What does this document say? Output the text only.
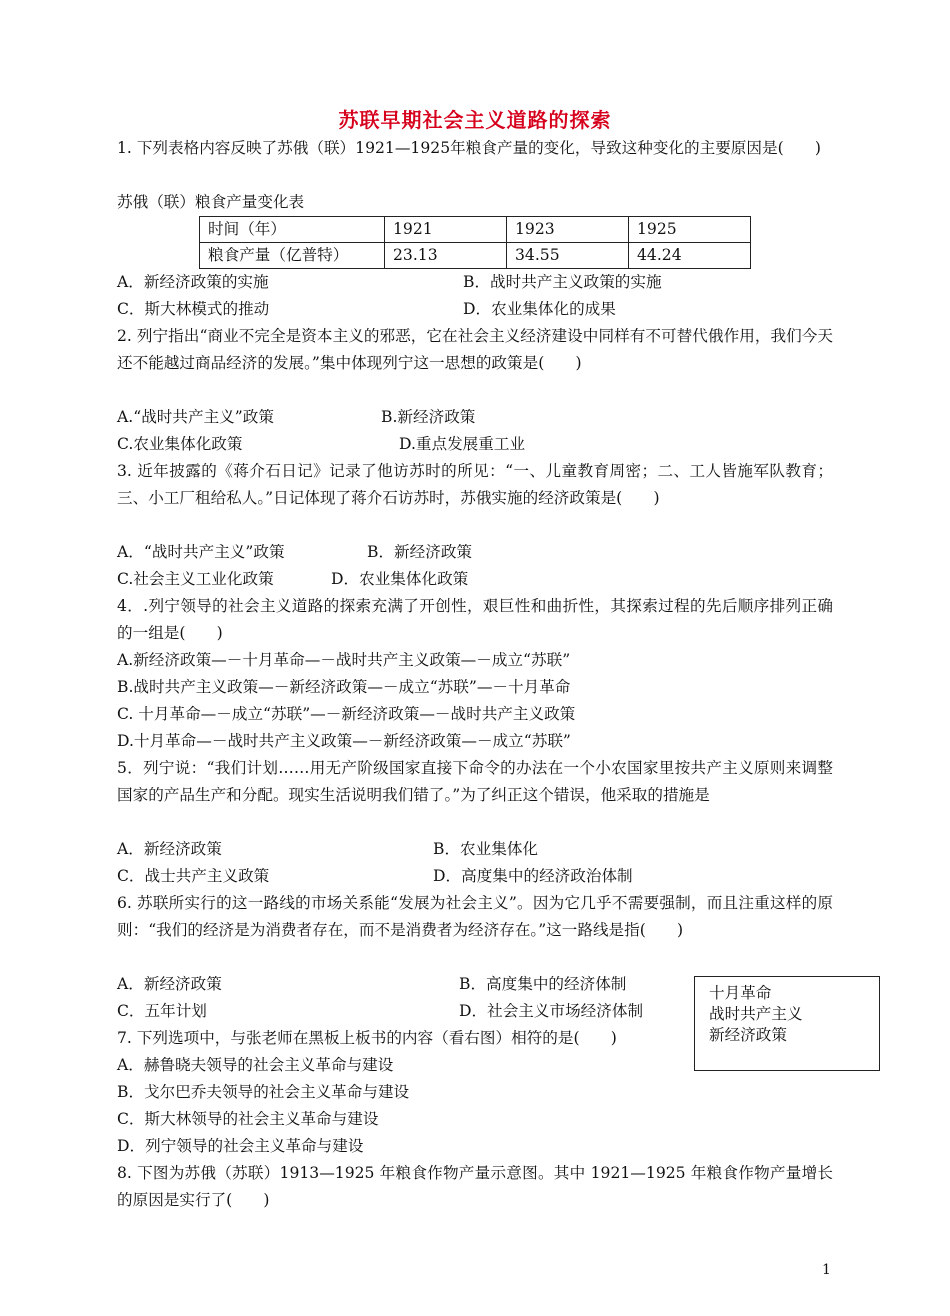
苏联早期社会主义道路的探索
1. 下列表格内容反映了苏俄（联）1921—1925年粮食产量的变化，导致这种变化的主要原因是(　　)
苏俄（联）粮食产量变化表
时间（年）	1921	1923	1925
粮食产量（亿普特）	23.13	34.55	44.24
A．新经济政策的实施	B．战时共产主义政策的实施
C．斯大林模式的推动	D．农业集体化的成果
2. 列宁指出“商业不完全是资本主义的邪恶，它在社会主义经济建设中同样有不可替代俄作用，我们今天还不能越过商品经济的发展。”集中体现列宁这一思想的政策是(　　)
A.“战时共产主义”政策	B.新经济政策
C.农业集体化政策	D.重点发展重工业
3. 近年披露的《蒋介石日记》记录了他访苏时的所见：“一、儿童教育周密；二、工人皆施军队教育；三、小工厂租给私人。”日记体现了蒋介石访苏时，苏俄实施的经济政策是(　　)
A．“战时共产主义”政策	B．新经济政策
C.社会主义工业化政策	D．农业集体化政策
4．.列宁领导的社会主义道路的探索充满了开创性，艰巨性和曲折性，其探索过程的先后顺序排列正确的一组是(　　)
A.新经济政策—－十月革命—－战时共产主义政策—－成立“苏联”
B.战时共产主义政策—－新经济政策—－成立“苏联”—－十月革命
C. 十月革命—－成立“苏联”—－新经济政策—－战时共产主义政策
D.十月革命—－战时共产主义政策—－新经济政策—－成立“苏联”
5．列宁说：“我们计划……用无产阶级国家直接下命令的办法在一个小农国家里按共产主义原则来调整国家的产品生产和分配。现实生活说明我们错了。”为了纠正这个错误，他采取的措施是
A．新经济政策	B．农业集体化
C．战士共产主义政策	D．高度集中的经济政治体制
6. 苏联所实行的这一路线的市场关系能“发展为社会主义”。因为它几乎不需要强制，而且注重这样的原则：“我们的经济是为消费者存在，而不是消费者为经济存在。”这一路线是指(　　)
A．新经济政策	B．高度集中的经济体制
C．五年计划	D．社会主义市场经济体制
7. 下列选项中，与张老师在黑板上板书的内容（看右图）相符的是(　　)
A．赫鲁晓夫领导的社会主义革命与建设
B．戈尔巴乔夫领导的社会主义革命与建设
C．斯大林领导的社会主义革命与建设
D．列宁领导的社会主义革命与建设
8. 下图为苏俄（苏联）1913—1925 年粮食作物产量示意图。其中 1921—1925 年粮食作物产量增长的原因是实行了(　　)
十月革命
战时共产主义
新经济政策
1
